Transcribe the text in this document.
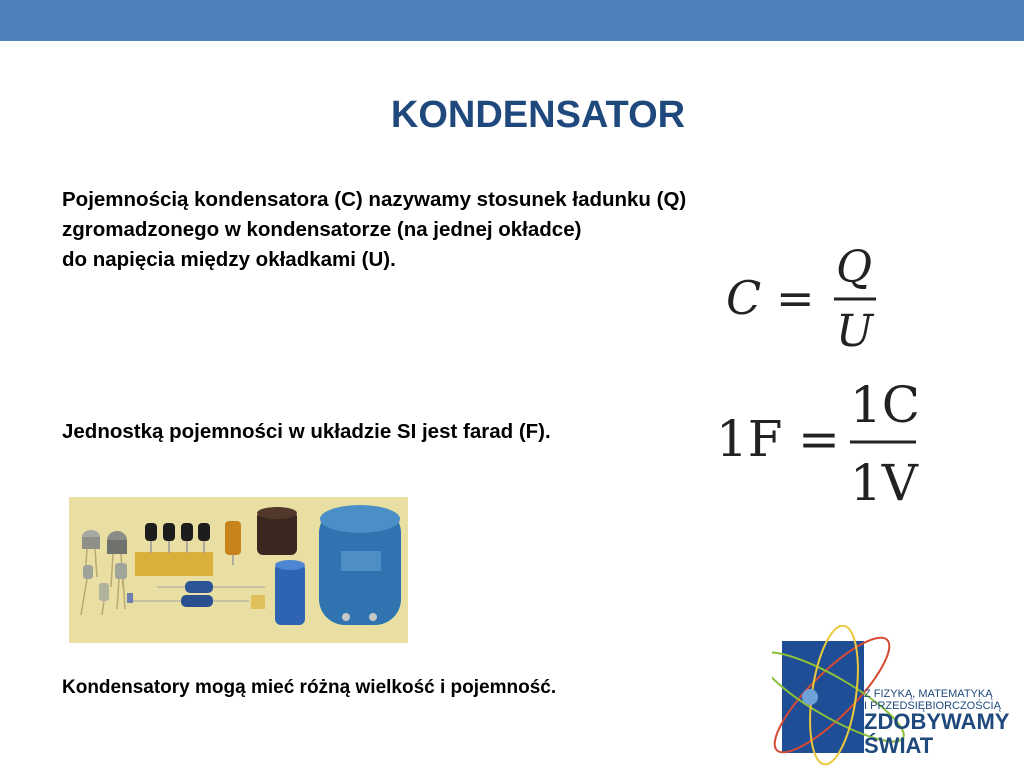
KONDENSATOR
Pojemnością kondensatora (C) nazywamy stosunek ładunku (Q)
zgromadzonego w kondensatorze (na jednej okładce)
do napięcia między okładkami (U).
C =
Q
U
Jednostką pojemności w układzie SI jest farad (F).	1F =
1C
1V
Kondensatory mogą mieć różną wielkość i pojemność.	Z FIZYKĄ, MATEMATYKĄ
I PRZEDSIĘBIORCZOŚCIĄ
ZDOBYWAMY
ŚWIAT
